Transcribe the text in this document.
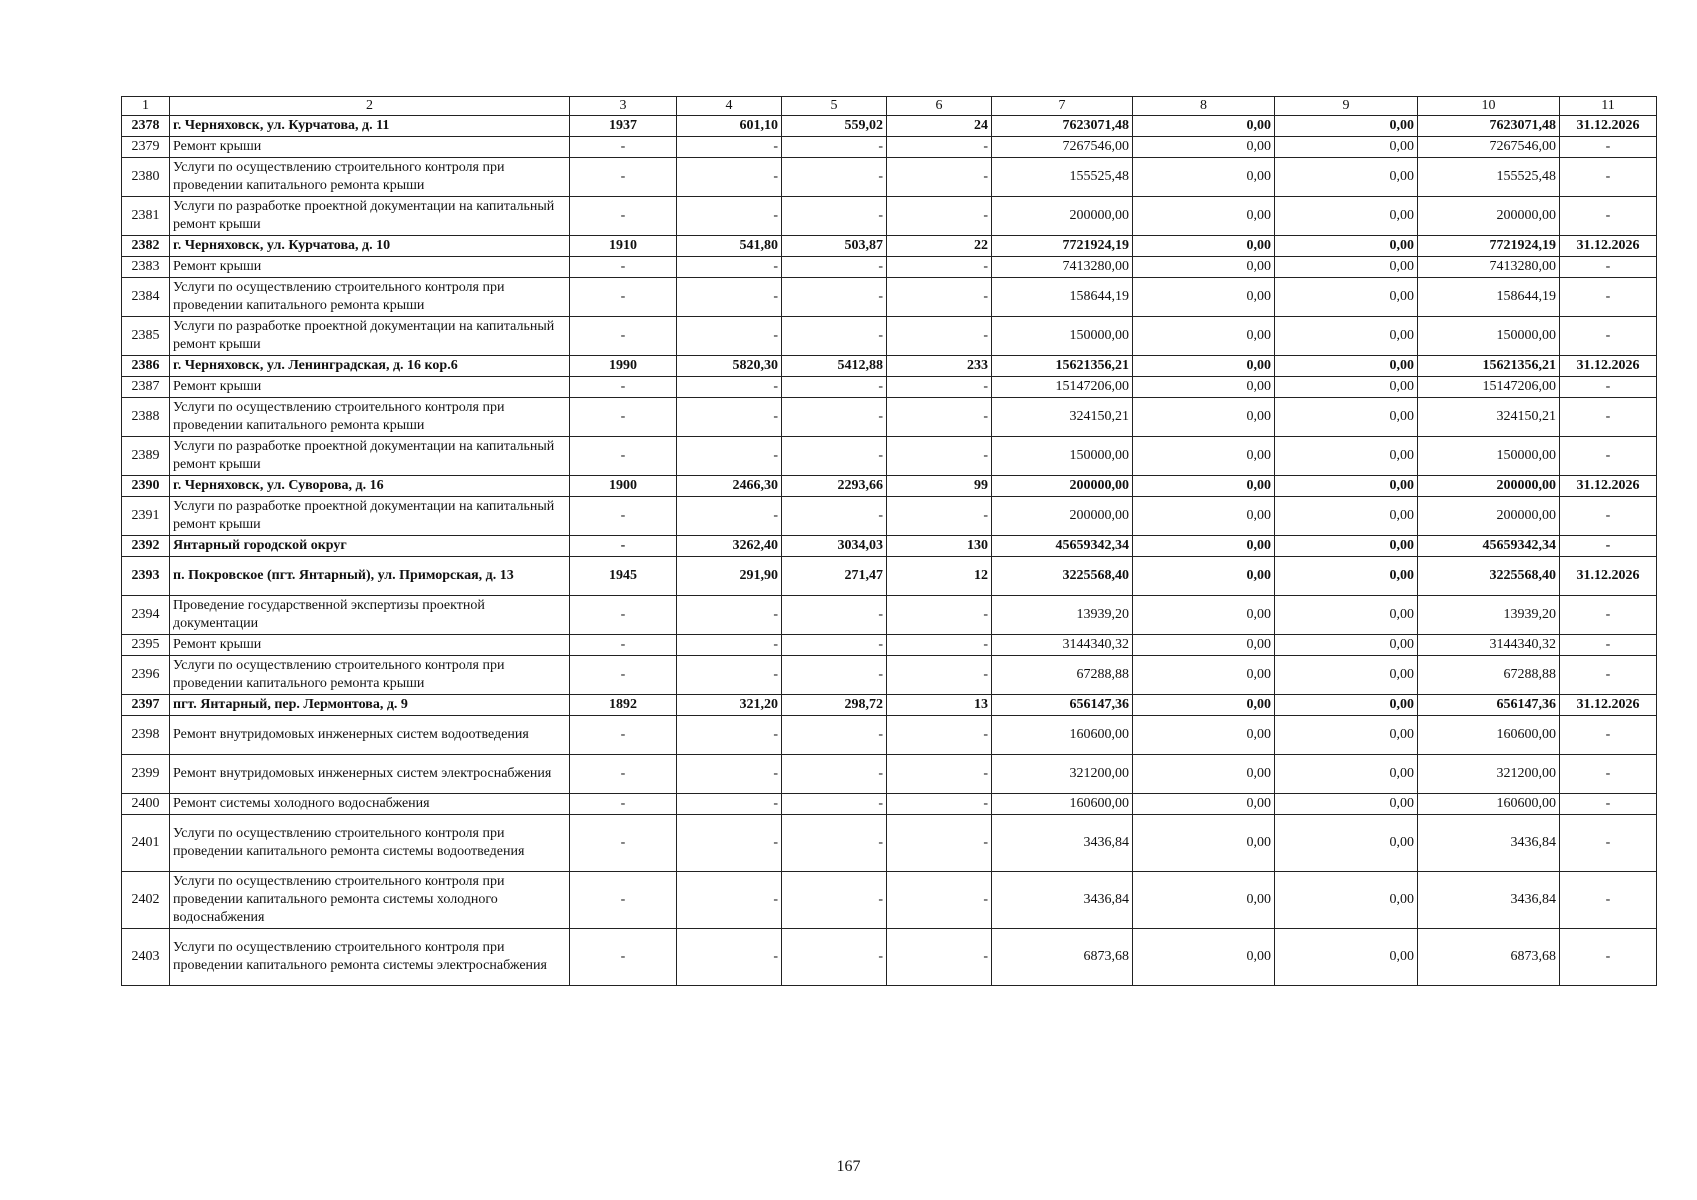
1	2	3	4	5	6	7	8	9	10	11
2378	г. Черняховск, ул. Курчатова, д. 11	1937	601,10	559,02	24	7623071,48	0,00	0,00	7623071,48	31.12.2026
2379	Ремонт крыши	-	-	-	-	7267546,00	0,00	0,00	7267546,00	-
2380	Услуги по осуществлению строительного контроля при проведении капитального ремонта крыши	-	-	-	-	155525,48	0,00	0,00	155525,48	-
2381	Услуги по разработке проектной документации на капитальный ремонт крыши	-	-	-	-	200000,00	0,00	0,00	200000,00	-
2382	г. Черняховск, ул. Курчатова, д. 10	1910	541,80	503,87	22	7721924,19	0,00	0,00	7721924,19	31.12.2026
2383	Ремонт крыши	-	-	-	-	7413280,00	0,00	0,00	7413280,00	-
2384	Услуги по осуществлению строительного контроля при проведении капитального ремонта крыши	-	-	-	-	158644,19	0,00	0,00	158644,19	-
2385	Услуги по разработке проектной документации на капитальный ремонт крыши	-	-	-	-	150000,00	0,00	0,00	150000,00	-
2386	г. Черняховск, ул. Ленинградская, д. 16 кор.6	1990	5820,30	5412,88	233	15621356,21	0,00	0,00	15621356,21	31.12.2026
2387	Ремонт крыши	-	-	-	-	15147206,00	0,00	0,00	15147206,00	-
2388	Услуги по осуществлению строительного контроля при проведении капитального ремонта крыши	-	-	-	-	324150,21	0,00	0,00	324150,21	-
2389	Услуги по разработке проектной документации на капитальный ремонт крыши	-	-	-	-	150000,00	0,00	0,00	150000,00	-
2390	г. Черняховск, ул. Суворова, д. 16	1900	2466,30	2293,66	99	200000,00	0,00	0,00	200000,00	31.12.2026
2391	Услуги по разработке проектной документации на капитальный ремонт крыши	-	-	-	-	200000,00	0,00	0,00	200000,00	-
2392	Янтарный городской округ	-	3262,40	3034,03	130	45659342,34	0,00	0,00	45659342,34	-
2393	п. Покровское (пгт. Янтарный), ул. Приморская, д. 13	1945	291,90	271,47	12	3225568,40	0,00	0,00	3225568,40	31.12.2026
2394	Проведение государственной экспертизы проектной документации	-	-	-	-	13939,20	0,00	0,00	13939,20	-
2395	Ремонт крыши	-	-	-	-	3144340,32	0,00	0,00	3144340,32	-
2396	Услуги по осуществлению строительного контроля при проведении капитального ремонта крыши	-	-	-	-	67288,88	0,00	0,00	67288,88	-
2397	пгт. Янтарный, пер. Лермонтова, д. 9	1892	321,20	298,72	13	656147,36	0,00	0,00	656147,36	31.12.2026
2398	Ремонт внутридомовых инженерных систем водоотведения	-	-	-	-	160600,00	0,00	0,00	160600,00	-
2399	Ремонт внутридомовых инженерных систем электроснабжения	-	-	-	-	321200,00	0,00	0,00	321200,00	-
2400	Ремонт системы холодного водоснабжения	-	-	-	-	160600,00	0,00	0,00	160600,00	-
2401	Услуги по осуществлению строительного контроля при проведении капитального ремонта системы водоотведения	-	-	-	-	3436,84	0,00	0,00	3436,84	-
2402	Услуги по осуществлению строительного контроля при проведении капитального ремонта системы холодного водоснабжения	-	-	-	-	3436,84	0,00	0,00	3436,84	-
2403	Услуги по осуществлению строительного контроля при проведении капитального ремонта системы электроснабжения	-	-	-	-	6873,68	0,00	0,00	6873,68	-
167
